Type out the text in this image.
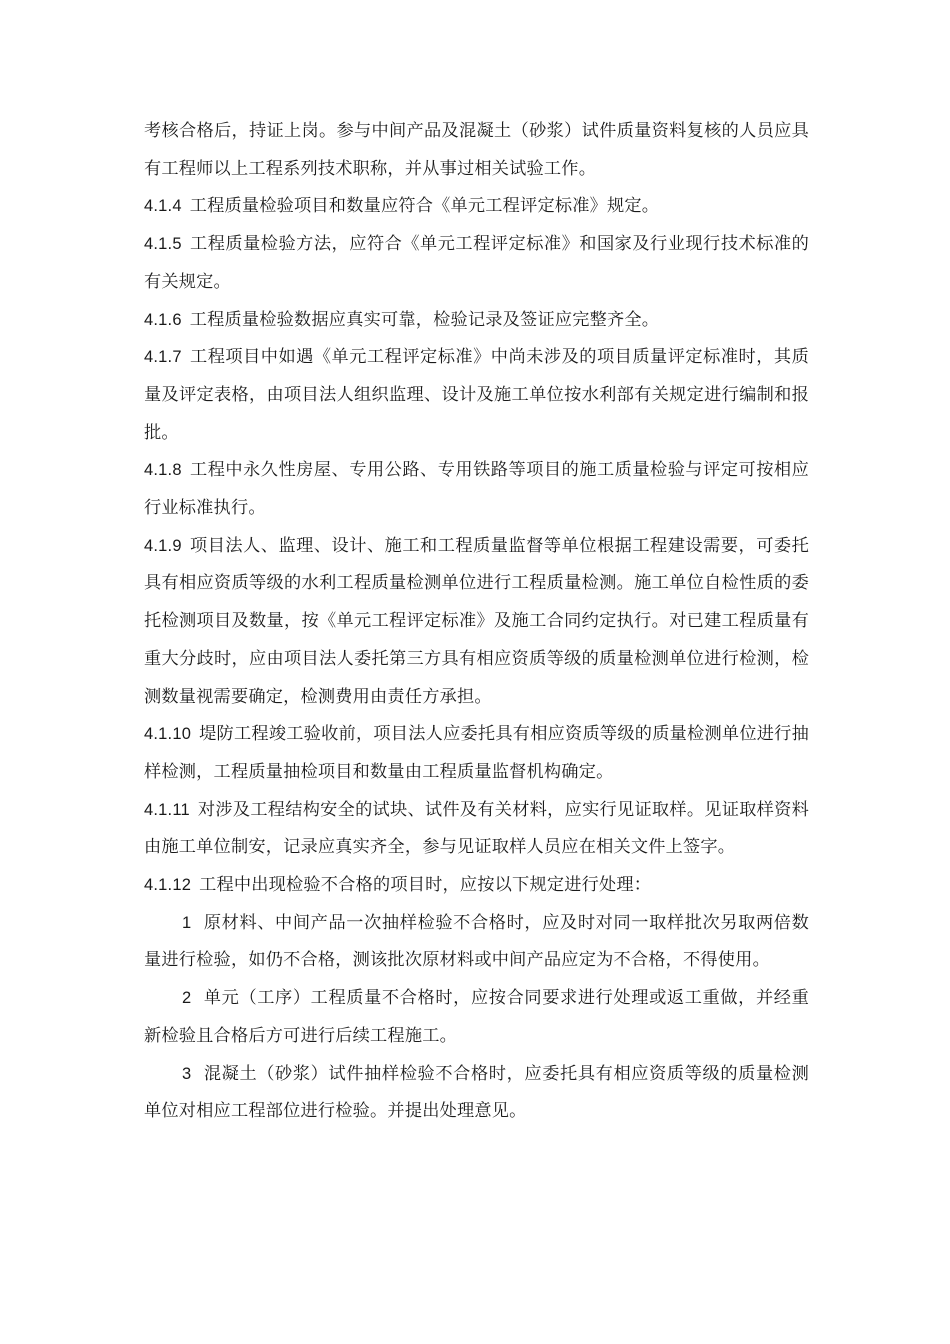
考核合格后，持证上岗。参与中间产品及混凝土（砂浆）试件质量资料复核的人员应具有工程师以上工程系列技术职称，并从事过相关试验工作。

4.1.4 工程质量检验项目和数量应符合《单元工程评定标准》规定。

4.1.5 工程质量检验方法，应符合《单元工程评定标准》和国家及行业现行技术标准的有关规定。

4.1.6 工程质量检验数据应真实可靠，检验记录及签证应完整齐全。

4.1.7 工程项目中如遇《单元工程评定标准》中尚未涉及的项目质量评定标准时，其质量及评定表格，由项目法人组织监理、设计及施工单位按水利部有关规定进行编制和报批。

4.1.8 工程中永久性房屋、专用公路、专用铁路等项目的施工质量检验与评定可按相应行业标准执行。

4.1.9 项目法人、监理、设计、施工和工程质量监督等单位根据工程建设需要，可委托具有相应资质等级的水利工程质量检测单位进行工程质量检测。施工单位自检性质的委托检测项目及数量，按《单元工程评定标准》及施工合同约定执行。对已建工程质量有重大分歧时，应由项目法人委托第三方具有相应资质等级的质量检测单位进行检测，检测数量视需要确定，检测费用由责任方承担。

4.1.10 堤防工程竣工验收前，项目法人应委托具有相应资质等级的质量检测单位进行抽样检测，工程质量抽检项目和数量由工程质量监督机构确定。

4.1.11 对涉及工程结构安全的试块、试件及有关材料，应实行见证取样。见证取样资料由施工单位制安，记录应真实齐全，参与见证取样人员应在相关文件上签字。

4.1.12 工程中出现检验不合格的项目时，应按以下规定进行处理：

1 原材料、中间产品一次抽样检验不合格时，应及时对同一取样批次另取两倍数量进行检验，如仍不合格，测该批次原材料或中间产品应定为不合格，不得使用。

2 单元（工序）工程质量不合格时，应按合同要求进行处理或返工重做，并经重新检验且合格后方可进行后续工程施工。

3 混凝土（砂浆）试件抽样检验不合格时，应委托具有相应资质等级的质量检测单位对相应工程部位进行检验。并提出处理意见。
